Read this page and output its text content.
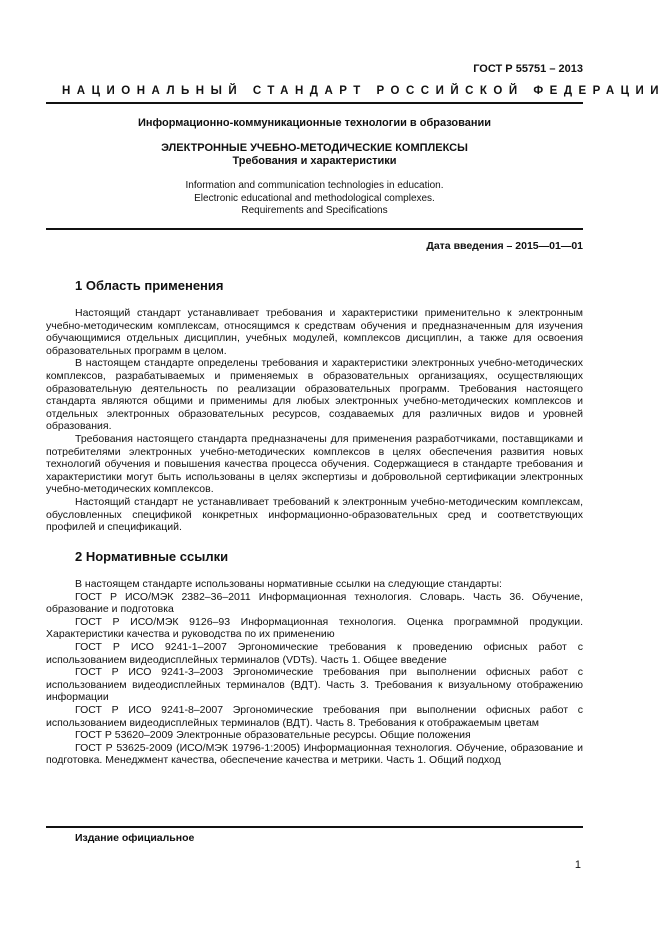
ГОСТ Р 55751 – 2013
НАЦИОНАЛЬНЫЙ СТАНДАРТ РОССИЙСКОЙ ФЕДЕРАЦИИ
Информационно-коммуникационные технологии в образовании
ЭЛЕКТРОННЫЕ УЧЕБНО-МЕТОДИЧЕСКИЕ КОМПЛЕКСЫ
Требования и характеристики
Information and communication technologies in education.
Electronic educational and methodological complexes.
Requirements and Specifications
Дата введения – 2015—01—01
1 Область применения

Настоящий стандарт устанавливает требования и характеристики применительно к электронным учебно-методическим комплексам, относящимся к средствам обучения и предназначенным для изучения обучающимися отдельных дисциплин, учебных модулей, комплексов дисциплин, а также для освоения образовательных программ в целом.

В настоящем стандарте определены требования и характеристики электронных учебно-методических комплексов, разрабатываемых и применяемых в образовательных организациях, осуществляющих образовательную деятельность по реализации образовательных программ. Требования настоящего стандарта являются общими и применимы для любых электронных учебно-методических комплексов и отдельных электронных образовательных ресурсов, создаваемых для различных видов и уровней образования.

Требования настоящего стандарта предназначены для применения разработчиками, поставщиками и потребителями электронных учебно-методических комплексов в целях обеспечения развития новых технологий обучения и повышения качества процесса обучения. Содержащиеся в стандарте требования и характеристики могут быть использованы в целях экспертизы и добровольной сертификации электронных учебно-методических комплексов.

Настоящий стандарт не устанавливает требований к электронным учебно-методическим комплексам, обусловленных спецификой конкретных информационно-образовательных сред и соответствующих профилей и спецификаций.

2 Нормативные ссылки

В настоящем стандарте использованы нормативные ссылки на следующие стандарты:

ГОСТ Р ИСО/МЭК 2382–36–2011 Информационная технология. Словарь. Часть 36. Обучение, образование и подготовка

ГОСТ Р ИСО/МЭК 9126–93 Информационная технология. Оценка программной продукции. Характеристики качества и руководства по их применению

ГОСТ Р ИСО 9241-1–2007 Эргономические требования к проведению офисных работ с использованием видеодисплейных терминалов (VDTs). Часть 1. Общее введение

ГОСТ Р ИСО 9241-3–2003 Эргономические требования при выполнении офисных работ с использованием видеодисплейных терминалов (ВДТ). Часть 3. Требования к визуальному отображению информации

ГОСТ Р ИСО 9241-8–2007 Эргономические требования при выполнении офисных работ с использованием видеодисплейных терминалов (ВДТ). Часть 8. Требования к отображаемым цветам

ГОСТ Р 53620–2009 Электронные образовательные ресурсы. Общие положения

ГОСТ Р 53625-2009 (ИСО/МЭК 19796-1:2005) Информационная технология. Обучение, образование и подготовка. Менеджмент качества, обеспечение качества и метрики. Часть 1. Общий подход

Издание официальное
1
